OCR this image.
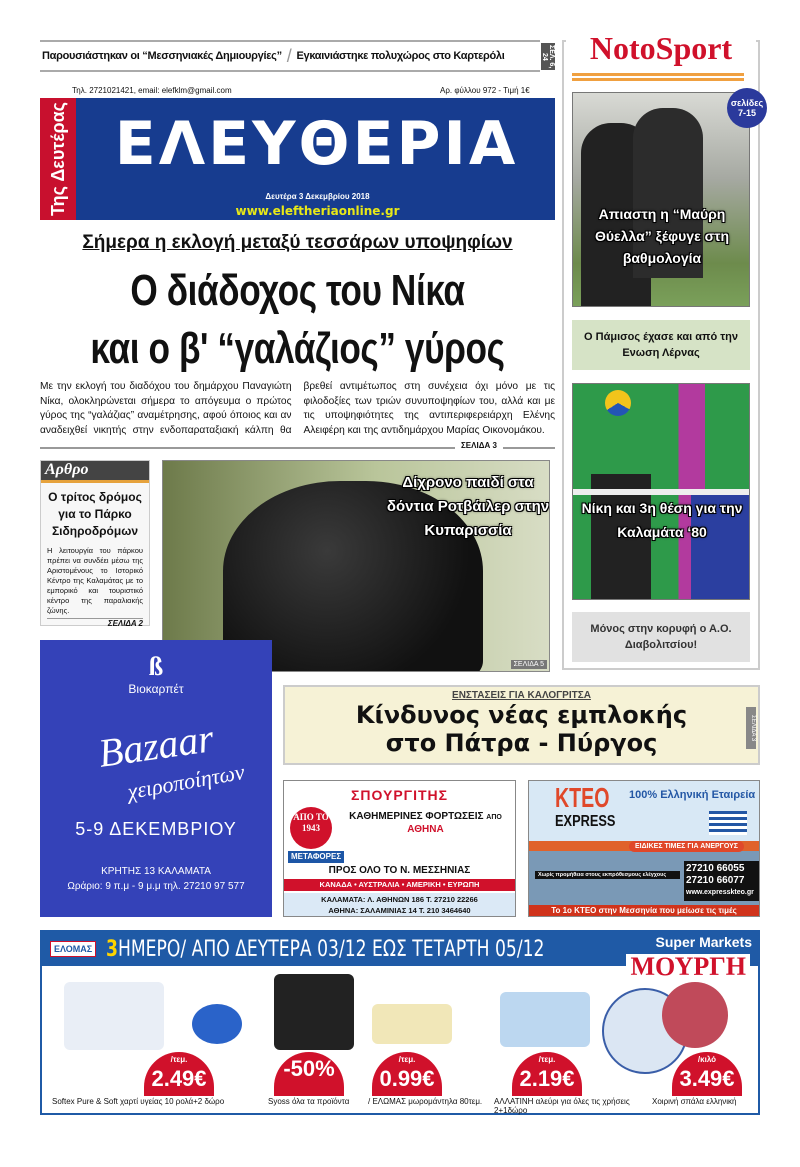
Παρουσιάστηκαν οι “Μεσσηνιακές Δημιουργίες” / Εγκαινιάστηκε πολυχώρος στο Καρτερόλι	ΣΕΛ. 6, 24
Τηλ. 2721021421, email: elefklm@gmail.com	Αρ. φύλλου 972 - Τιμή 1€
Της Δευτέρας ΕΛΕΥΘΕΡΙΑ
Δευτέρα 3 Δεκεμβρίου 2018
www.eleftheriaonline.gr
Σήμερα η εκλογή μεταξύ τεσσάρων υποψηφίων
Ο διάδοχος του Νίκα
και ο β' “γαλάζιος” γύρος
Με την εκλογή του διαδόχου του δημάρχου Παναγιώτη Νίκα, ολοκληρώνεται σήμερα το απόγευμα ο πρώτος γύρος της “γαλάζιας” αναμέτρησης, αφού όποιος και αν αναδειχθεί νικητής στην ενδοπαραταξιακή κάλπη θα βρεθεί αντιμέτωπος στη συνέχεια όχι μόνο με τις φιλοδοξίες των τριών συνυποψηφίων του, αλλά και με τις υποψηφιότητες της αντιπεριφερειάρχη Ελένης Αλειφέρη και της αντιδημάρχου Μαρίας Οικονομάκου.
ΣΕΛΙΔΑ 3
Αρθρο
Ο τρίτος δρόμος για το Πάρκο Σιδηροδρόμων
Η λειτουργία του πάρκου πρέπει να συνδέει μέσω της Αριστομένους το Ιστορικό Κέντρο της Καλαμάτας με το εμπορικό και τουριστικό κέντρο της παραλιακής ζώνης.
ΣΕΛΙΔΑ 2
Δίχρονο παιδί στα δόντια Ροτβάιλερ στην Κυπαρισσία
ΣΕΛΙΔΑ 5
ß
Βιοκαρπέτ
Bazaar
χειροποίητων
5-9 ΔΕΚΕΜΒΡΙΟΥ
ΚΡΗΤΗΣ 13 ΚΑΛΑΜΑΤΑ
Ωράριο: 9 π.μ - 9 μ.μ τηλ. 27210 97 577
ΕΝΣΤΑΣΕΙΣ ΓΙΑ ΚΑΛΟΓΡΙΤΣΑ
Κίνδυνος νέας εμπλοκής
στο Πάτρα - Πύργος
ΣΕΛΙΔΑ 3
ΣΠΟΥΡΓΙΤΗΣ
ΑΠΟ ΤΟ 1943
ΜΕΤΑΦΟΡΕΣ
ΚΑΘΗΜΕΡΙΝΕΣ ΦΟΡΤΩΣΕΙΣ ΑΠΟ ΑΘΗΝΑ
ΠΡΟΣ ΟΛΟ ΤΟ Ν. ΜΕΣΣΗΝΙΑΣ
ΚΑΝΑΔΑ • ΑΥΣΤΡΑΛΙΑ • ΑΜΕΡΙΚΗ • ΕΥΡΩΠΗ
ΚΑΛΑΜΑΤΑ: Λ. ΑΘΗΝΩΝ 186 Τ. 27210 22266
ΑΘΗΝΑ: ΣΑΛΑΜΙΝΙΑΣ 14 Τ. 210 3464640
ΚΤΕΟ
EXPRESS
100% Ελληνική Εταιρεία
ΕΙΔΙΚΕΣ ΤΙΜΕΣ ΓΙΑ ΑΝΕΡΓΟΥΣ
Χωρίς προμήθεια στους εκπρόθεσμους ελέγχους
27210 66055
27210 66077
www.expresskteo.gr
Το 1ο ΚΤΕΟ στην Μεσσηνία που μείωσε τις τιμές
NotoSport
Απιαστη η “Μαύρη Θύελλα” ξέφυγε στη βαθμολογία
σελίδες 7-15
Ο Πάμισος έχασε και από την Ενωση Λέρνας
Νίκη και 3η θέση για την Καλαμάτα ‘80
Μόνος στην κορυφή ο Α.Ο. Διαβολιτσίου!
ΕΛΟΜΑΣ 3ΗΜΕΡΟ/ ΑΠΟ ΔΕΥΤΕΡΑ 03/12 ΕΩΣ ΤΕΤΑΡΤΗ 05/12	Super Markets
ΜΟΥΡΓΗ
/τεμ.
2.49€	-50%	/τεμ.
0.99€
/τεμ.
2.19€
/κιλό
3.49€
Softex Pure & Soft χαρτί υγείας 10 ρολά+2 δώρο	Syoss όλα τα προϊόντα	/ ΕΛΩΜΑΣ μωρομάντηλα 80τεμ.	ΑΛΛΑΤΙΝΗ αλεύρι για όλες τις χρήσεις 2+1δώρο
Χοιρινή σπάλα ελληνική
